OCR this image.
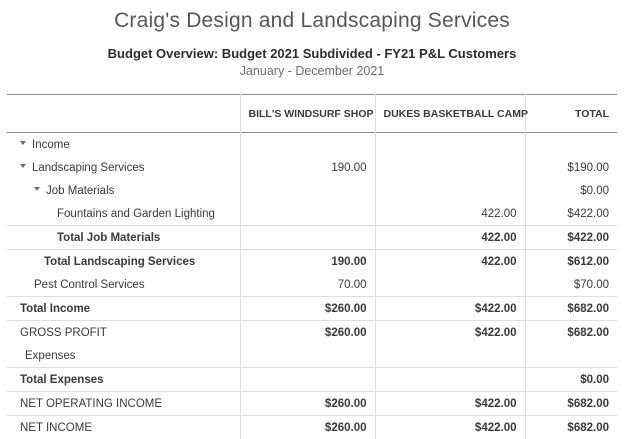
Craig's Design and Landscaping Services
Budget Overview: Budget 2021 Subdivided - FY21 P&L Customers
January - December 2021
	BILL'S WINDSURF SHOP	DUKES BASKETBALL CAMP	TOTAL
Income			
Landscaping Services	190.00		$190.00
Job Materials			$0.00
Fountains and Garden Lighting		422.00	$422.00
Total Job Materials		422.00	$422.00
Total Landscaping Services	190.00	422.00	$612.00
Pest Control Services	70.00		$70.00
Total Income	$260.00	$422.00	$682.00
GROSS PROFIT	$260.00	$422.00	$682.00
Expenses			
Total Expenses			$0.00
NET OPERATING INCOME	$260.00	$422.00	$682.00
NET INCOME	$260.00	$422.00	$682.00
